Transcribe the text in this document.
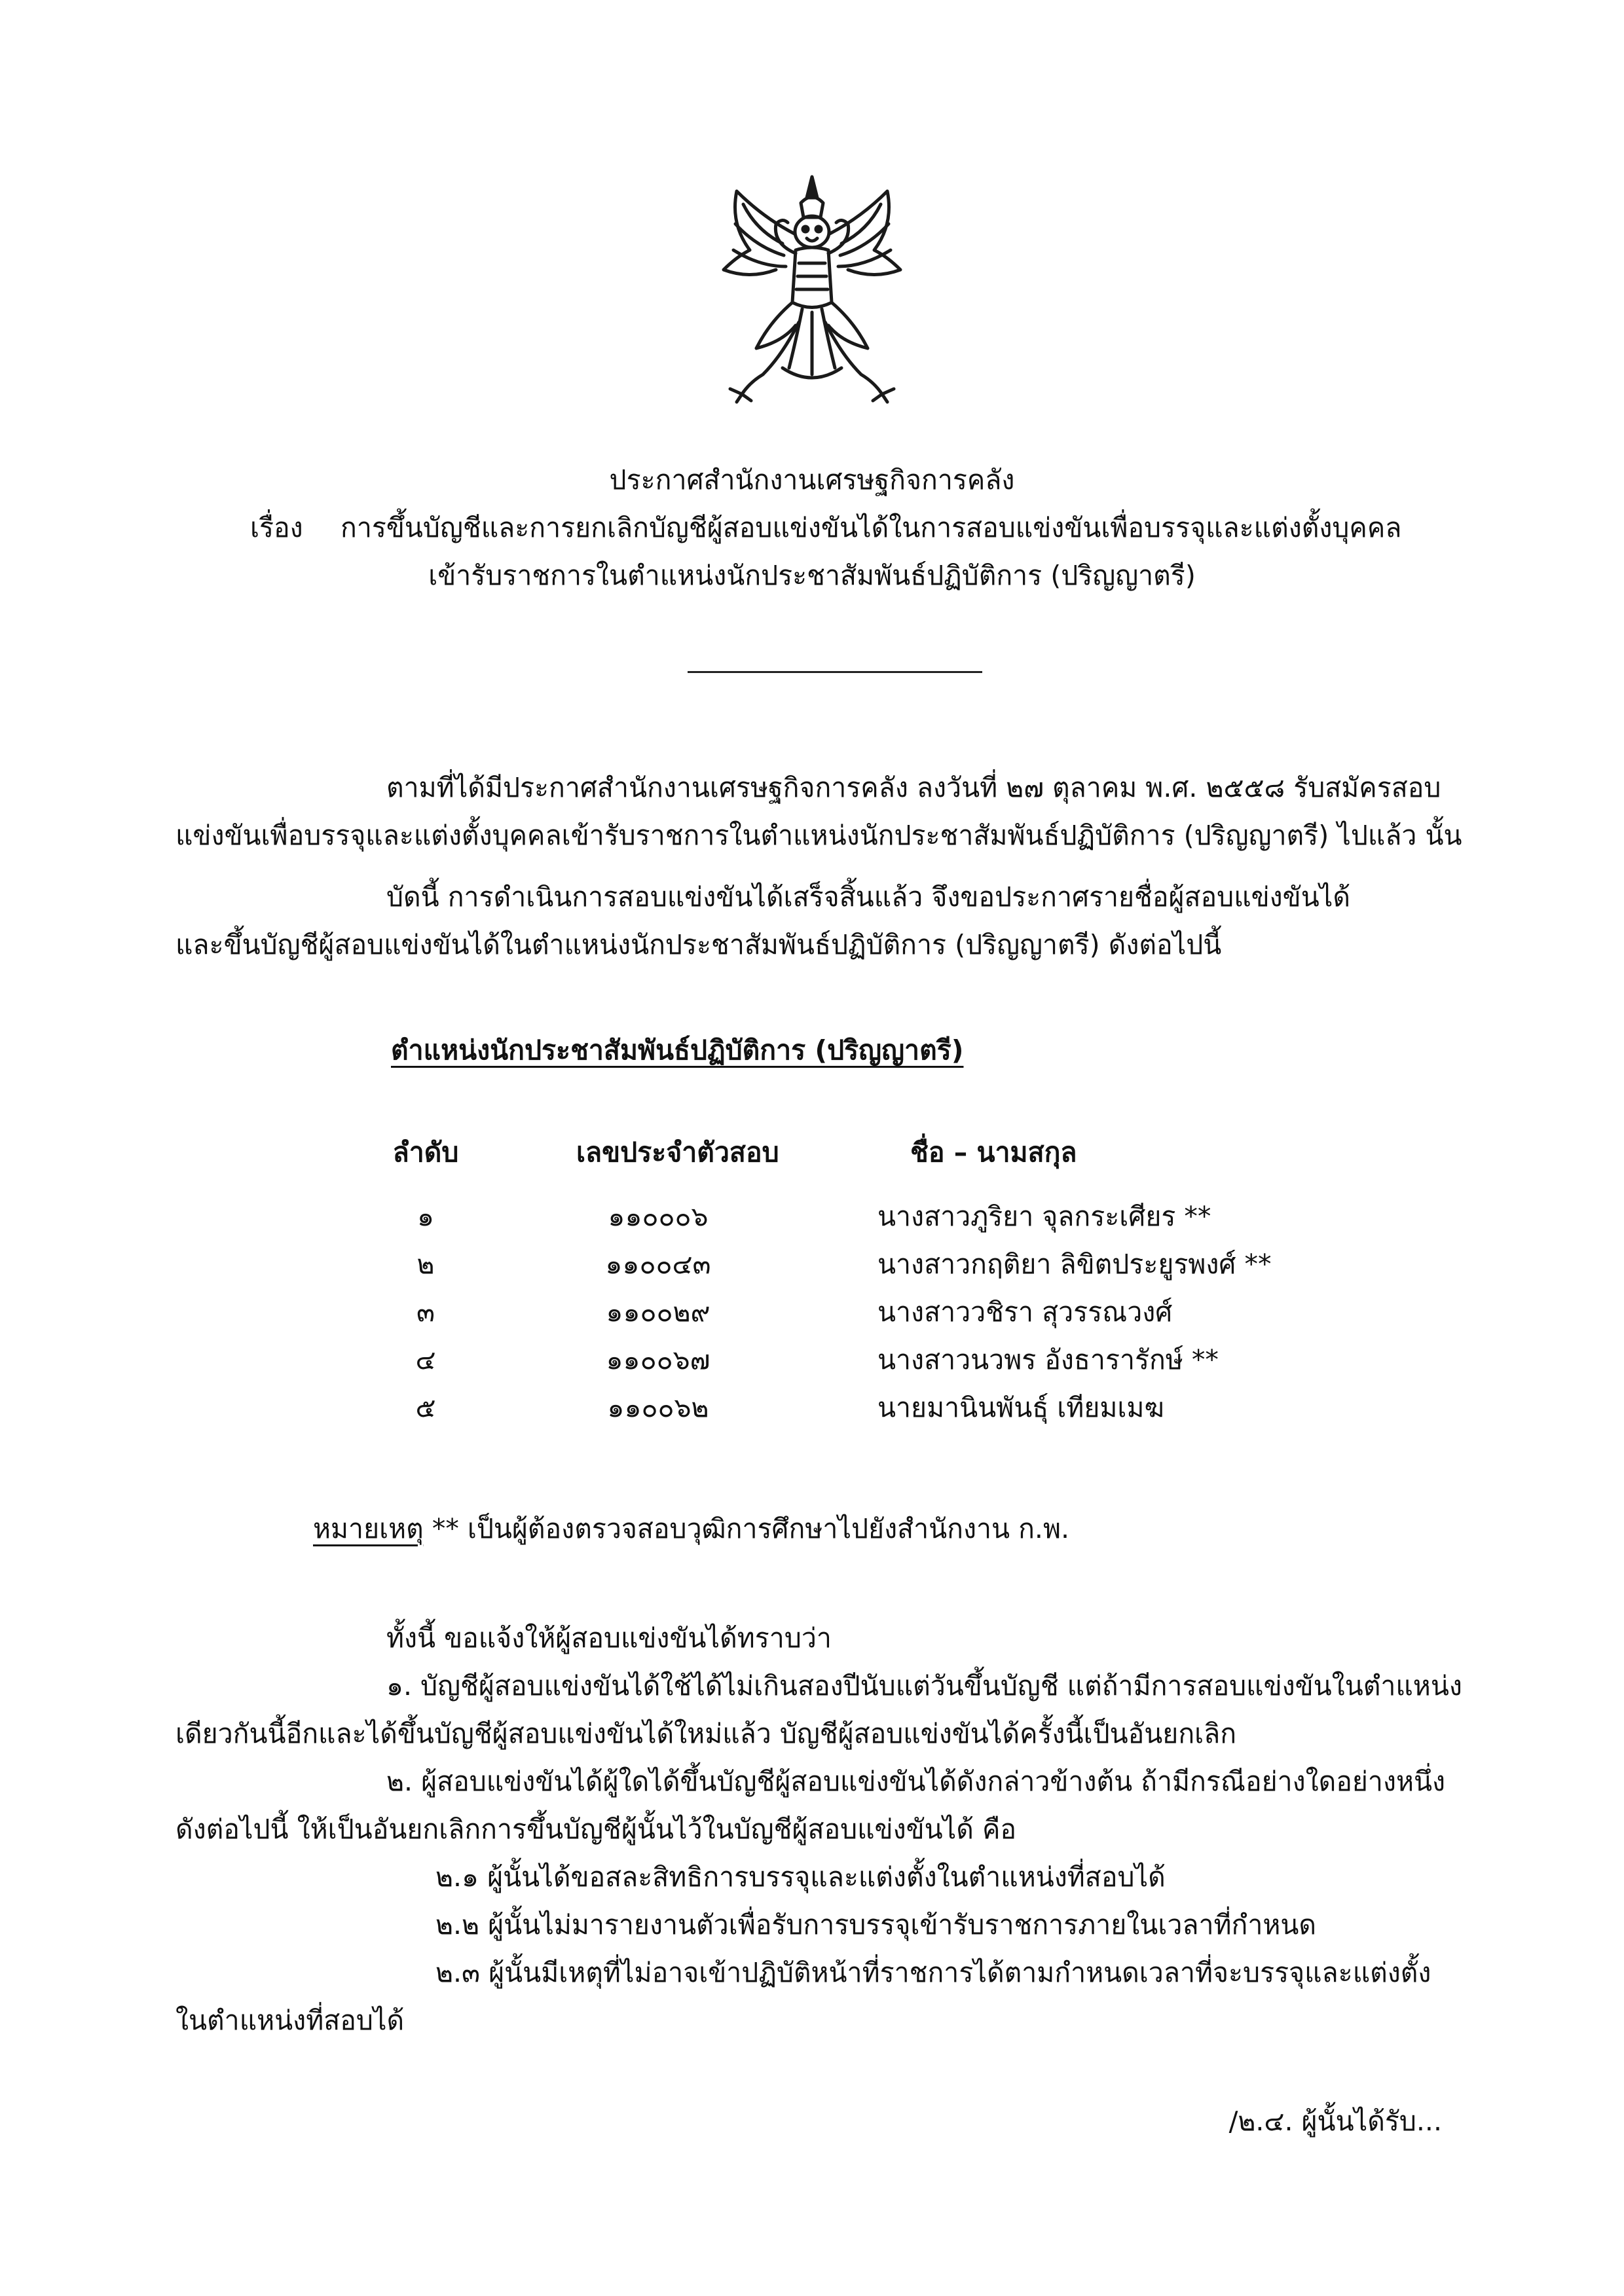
ประกาศสำนักงานเศรษฐกิจการคลัง
เรื่อง การขึ้นบัญชีและการยกเลิกบัญชีผู้สอบแข่งขันได้ในการสอบแข่งขันเพื่อบรรจุและแต่งตั้งบุคคล
เข้ารับราชการในตำแหน่งนักประชาสัมพันธ์ปฏิบัติการ (ปริญญาตรี)
ตามที่ได้มีประกาศสำนักงานเศรษฐกิจการคลัง ลงวันที่ ๒๗ ตุลาคม พ.ศ. ๒๕๕๘ รับสมัครสอบ
แข่งขันเพื่อบรรจุและแต่งตั้งบุคคลเข้ารับราชการในตำแหน่งนักประชาสัมพันธ์ปฏิบัติการ (ปริญญาตรี) ไปแล้ว นั้น
บัดนี้ การดำเนินการสอบแข่งขันได้เสร็จสิ้นแล้ว จึงขอประกาศรายชื่อผู้สอบแข่งขันได้
และขึ้นบัญชีผู้สอบแข่งขันได้ในตำแหน่งนักประชาสัมพันธ์ปฏิบัติการ (ปริญญาตรี) ดังต่อไปนี้
ตำแหน่งนักประชาสัมพันธ์ปฏิบัติการ (ปริญญาตรี)
ลำดับ	เลขประจำตัวสอบ	ชื่อ – นามสกุล
๑	๑๑๐๐๐๖	นางสาวภูริยา จุลกระเศียร **
๒	๑๑๐๐๔๓	นางสาวกฤติยา ลิขิตประยูรพงศ์ **
๓	๑๑๐๐๒๙	นางสาววชิรา สุวรรณวงศ์
๔	๑๑๐๐๖๗	นางสาวนวพร อังธารารักษ์ **
๕	๑๑๐๐๖๒	นายมานินพันธุ์ เทียมเมฆ
หมายเหตุ ** เป็นผู้ต้องตรวจสอบวุฒิการศึกษาไปยังสำนักงาน ก.พ.
ทั้งนี้ ขอแจ้งให้ผู้สอบแข่งขันได้ทราบว่า
๑. บัญชีผู้สอบแข่งขันได้ใช้ได้ไม่เกินสองปีนับแต่วันขึ้นบัญชี แต่ถ้ามีการสอบแข่งขันในตำแหน่ง
เดียวกันนี้อีกและได้ขึ้นบัญชีผู้สอบแข่งขันได้ใหม่แล้ว บัญชีผู้สอบแข่งขันได้ครั้งนี้เป็นอันยกเลิก
๒. ผู้สอบแข่งขันได้ผู้ใดได้ขึ้นบัญชีผู้สอบแข่งขันได้ดังกล่าวข้างต้น ถ้ามีกรณีอย่างใดอย่างหนึ่ง
ดังต่อไปนี้ ให้เป็นอันยกเลิกการขึ้นบัญชีผู้นั้นไว้ในบัญชีผู้สอบแข่งขันได้ คือ
๒.๑ ผู้นั้นได้ขอสละสิทธิการบรรจุและแต่งตั้งในตำแหน่งที่สอบได้
๒.๒ ผู้นั้นไม่มารายงานตัวเพื่อรับการบรรจุเข้ารับราชการภายในเวลาที่กำหนด
๒.๓ ผู้นั้นมีเหตุที่ไม่อาจเข้าปฏิบัติหน้าที่ราชการได้ตามกำหนดเวลาที่จะบรรจุและแต่งตั้ง
ในตำแหน่งที่สอบได้
/๒.๔. ผู้นั้นได้รับ...
